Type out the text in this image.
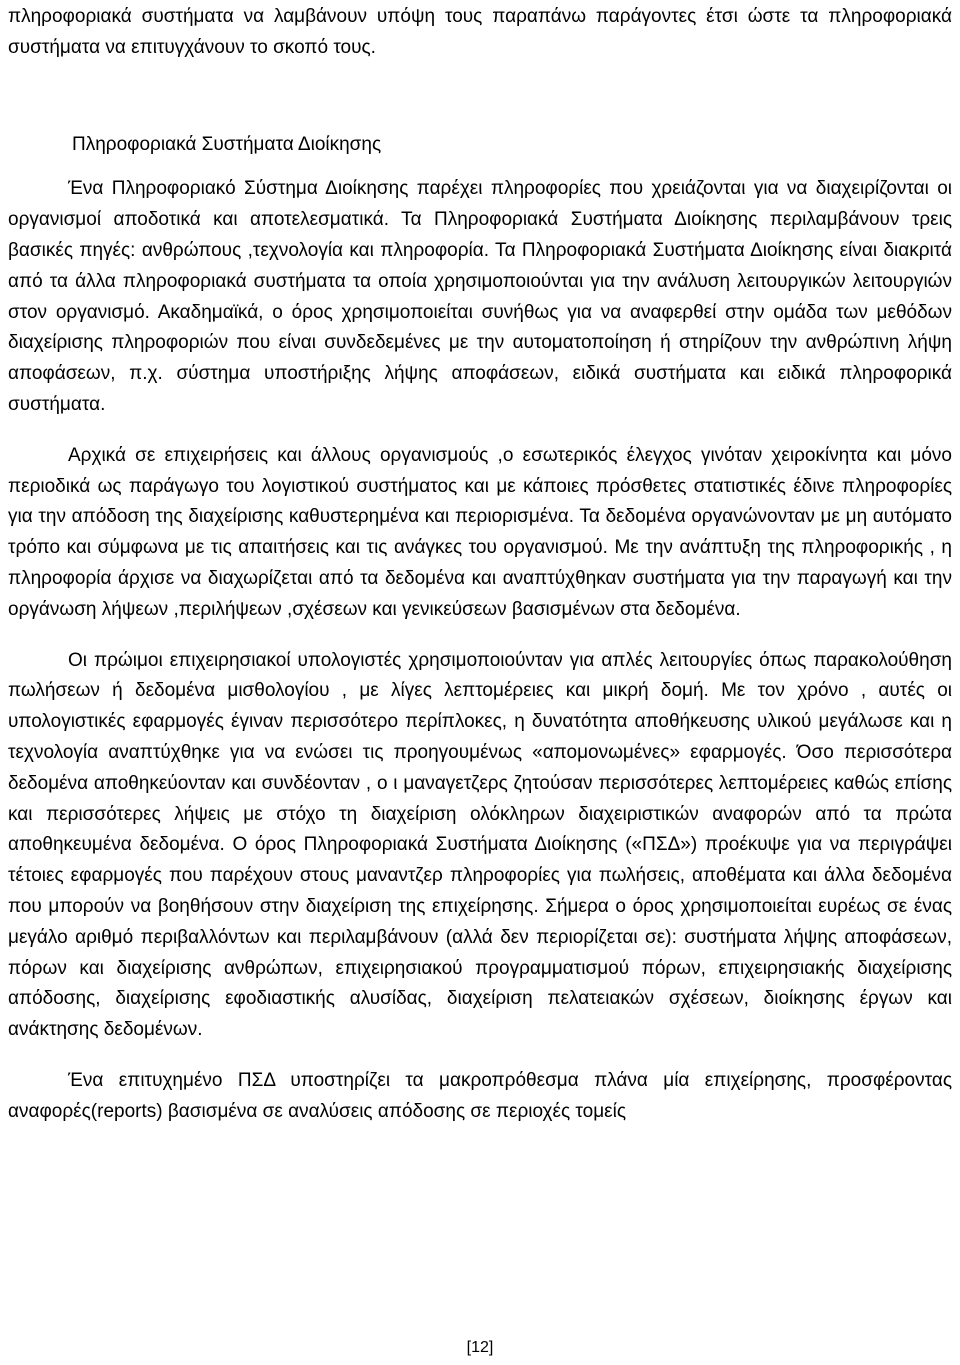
πληροφοριακά συστήματα να λαμβάνουν υπόψη τους παραπάνω παράγοντες έτσι ώστε τα πληροφοριακά συστήματα να επιτυγχάνουν το σκοπό τους.

Πληροφοριακά Συστήματα Διοίκησης

Ένα Πληροφοριακό Σύστημα Διοίκησης παρέχει πληροφορίες που χρειάζονται για να διαχειρίζονται οι οργανισμοί αποδοτικά και αποτελεσματικά. Τα Πληροφοριακά Συστήματα Διοίκησης περιλαμβάνουν τρεις βασικές πηγές: ανθρώπους ,τεχνολογία και πληροφορία. Τα Πληροφοριακά Συστήματα Διοίκησης είναι διακριτά από τα άλλα πληροφοριακά συστήματα τα οποία χρησιμοποιούνται για την ανάλυση λειτουργικών λειτουργιών στον οργανισμό. Ακαδημαϊκά, ο όρος χρησιμοποιείται συνήθως για να αναφερθεί στην ομάδα των μεθόδων διαχείρισης πληροφοριών που είναι συνδεδεμένες με την αυτοματοποίηση ή στηρίζουν την ανθρώπινη λήψη αποφάσεων, π.χ. σύστημα υποστήριξης λήψης αποφάσεων, ειδικά συστήματα και ειδικά πληροφορικά συστήματα.

Αρχικά σε επιχειρήσεις και άλλους οργανισμούς ,ο εσωτερικός έλεγχος γινόταν χειροκίνητα και μόνο περιοδικά ως παράγωγο του λογιστικού συστήματος και με κάποιες πρόσθετες στατιστικές έδινε πληροφορίες για την απόδοση της διαχείρισης καθυστερημένα και περιορισμένα. Τα δεδομένα οργανώνονταν με μη αυτόματο τρόπο και σύμφωνα με τις απαιτήσεις και τις ανάγκες του οργανισμού. Με την ανάπτυξη της πληροφορικής , η πληροφορία άρχισε να διαχωρίζεται από τα δεδομένα και αναπτύχθηκαν συστήματα για την παραγωγή και την οργάνωση λήψεων ,περιλήψεων ,σχέσεων και γενικεύσεων βασισμένων στα δεδομένα.

Οι πρώιμοι επιχειρησιακοί υπολογιστές χρησιμοποιούνταν για απλές λειτουργίες όπως παρακολούθηση πωλήσεων ή δεδομένα μισθολογίου , με λίγες λεπτομέρειες και μικρή δομή. Με τον χρόνο , αυτές οι υπολογιστικές εφαρμογές έγιναν περισσότερο περίπλοκες, η δυνατότητα αποθήκευσης υλικού μεγάλωσε και η τεχνολογία αναπτύχθηκε για να ενώσει τις προηγουμένως «απομονωμένες» εφαρμογές. Όσο περισσότερα δεδομένα αποθηκεύονταν και συνδέονταν , ο ι μαναγετζερς ζητούσαν περισσότερες λεπτομέρειες καθώς επίσης και περισσότερες λήψεις με στόχο τη διαχείριση ολόκληρων διαχειριστικών αναφορών από τα πρώτα αποθηκευμένα δεδομένα. Ο όρος Πληροφοριακά Συστήματα Διοίκησης («ΠΣΔ») προέκυψε για να περιγράψει τέτοιες εφαρμογές που παρέχουν στους μαναντζερ πληροφορίες για πωλήσεις, αποθέματα και άλλα δεδομένα που μπορούν να βοηθήσουν στην διαχείριση της επιχείρησης. Σήμερα ο όρος χρησιμοποιείται ευρέως σε ένας μεγάλο αριθμό περιβαλλόντων και περιλαμβάνουν (αλλά δεν περιορίζεται σε): συστήματα λήψης αποφάσεων, πόρων και διαχείρισης ανθρώπων, επιχειρησιακού προγραμματισμού πόρων, επιχειρησιακής διαχείρισης απόδοσης, διαχείρισης εφοδιαστικής αλυσίδας, διαχείριση πελατειακών σχέσεων, διοίκησης έργων και ανάκτησης δεδομένων.

Ένα επιτυχημένο ΠΣΔ υποστηρίζει τα μακροπρόθεσμα πλάνα μία επιχείρησης, προσφέροντας αναφορές(reports) βασισμένα σε αναλύσεις απόδοσης σε περιοχές τομείς

[12]
